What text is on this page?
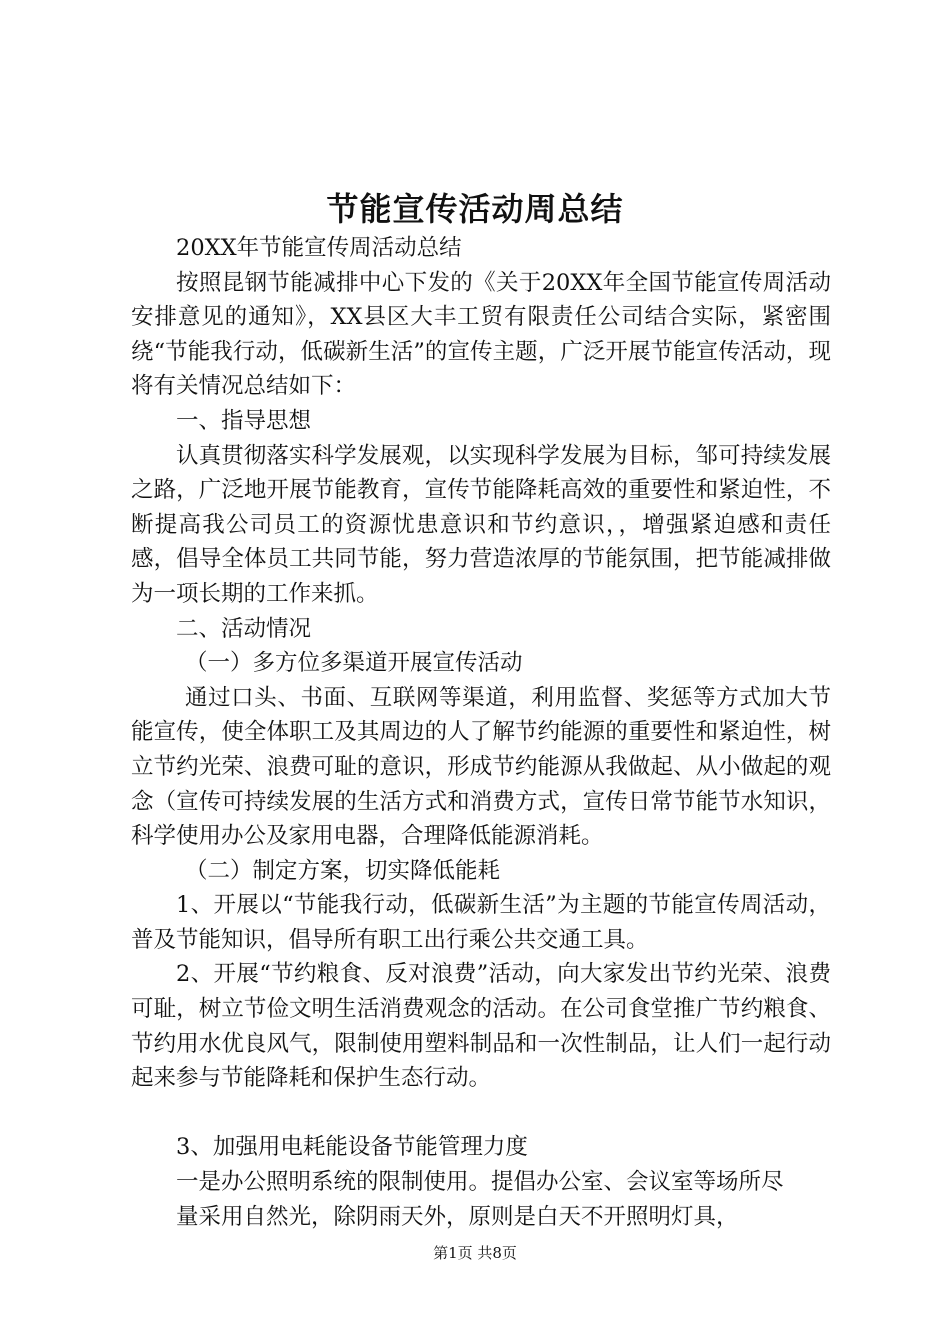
节能宣传活动周总结

20XX年节能宣传周活动总结

按照昆钢节能减排中心下发的《关于20XX年全国节能宣传周活动安排意见的通知》，XX县区大丰工贸有限责任公司结合实际，紧密围绕“节能我行动，低碳新生活”的宣传主题，广泛开展节能宣传活动，现将有关情况总结如下：

一、指导思想

认真贯彻落实科学发展观，以实现科学发展为目标，邹可持续发展之路，广泛地开展节能教育，宣传节能降耗高效的重要性和紧迫性，不断提高我公司员工的资源忧患意识和节约意识，，增强紧迫感和责任感，倡导全体员工共同节能，努力营造浓厚的节能氛围，把节能减排做为一项长期的工作来抓。

二、活动情况

（一）多方位多渠道开展宣传活动

通过口头、书面、互联网等渠道，利用监督、奖惩等方式加大节能宣传，使全体职工及其周边的人了解节约能源的重要性和紧迫性，树立节约光荣、浪费可耻的意识，形成节约能源从我做起、从小做起的观念（宣传可持续发展的生活方式和消费方式，宣传日常节能节水知识，科学使用办公及家用电器，合理降低能源消耗。

（二）制定方案，切实降低能耗

1、开展以“节能我行动，低碳新生活”为主题的节能宣传周活动，普及节能知识，倡导所有职工出行乘公共交通工具。

2、开展“节约粮食、反对浪费”活动，向大家发出节约光荣、浪费可耻，树立节俭文明生活消费观念的活动。在公司食堂推广节约粮食、节约用水优良风气，限制使用塑料制品和一次性制品，让人们一起行动起来参与节能降耗和保护生态行动。

3、加强用电耗能设备节能管理力度

一是办公照明系统的限制使用。提倡办公室、会议室等场所尽

量采用自然光，除阴雨天外，原则是白天不开照明灯具，

第1页 共8页
